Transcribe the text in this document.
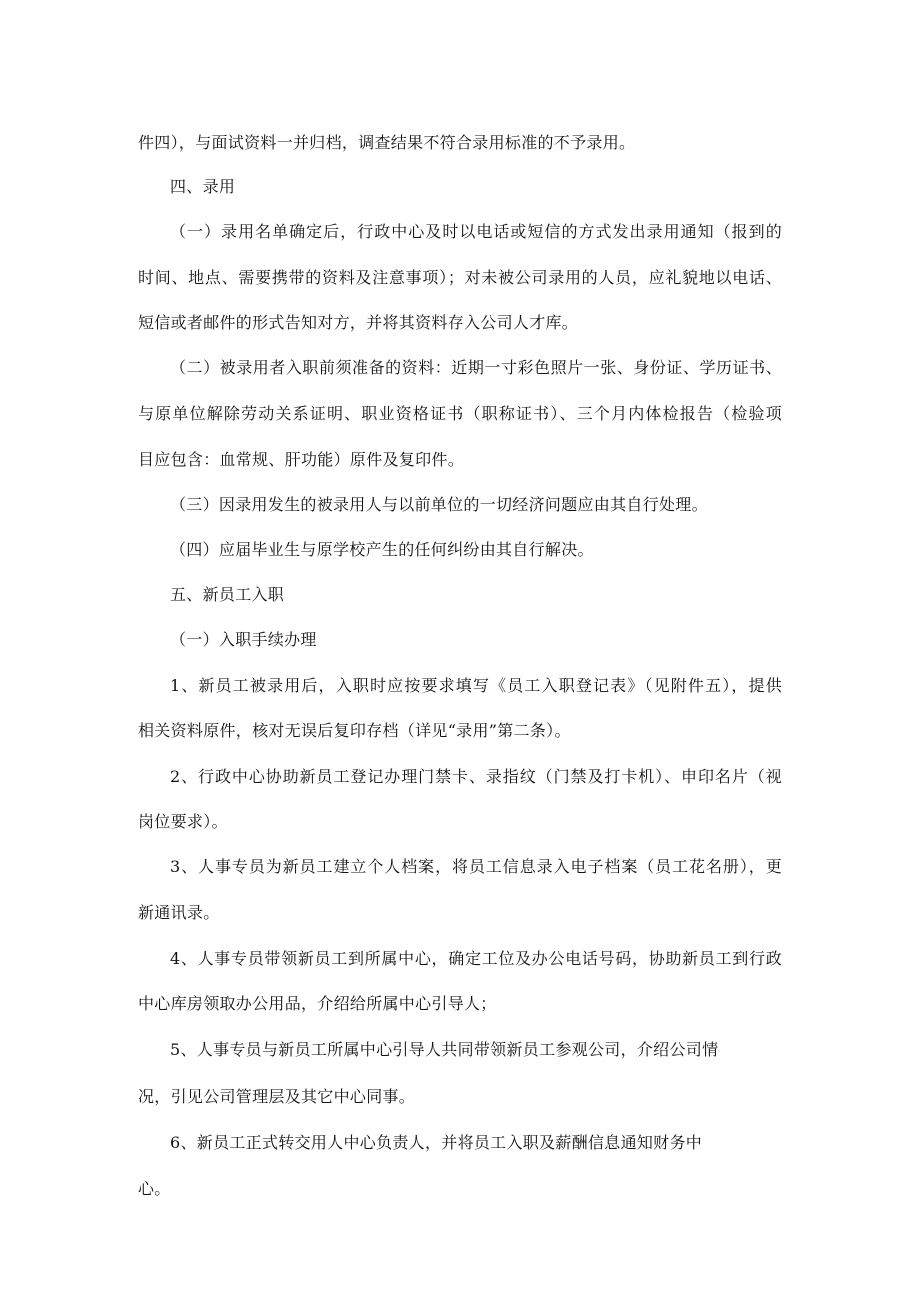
件四），与面试资料一并归档，调查结果不符合录用标准的不予录用。
四、录用
（一）录用名单确定后，行政中心及时以电话或短信的方式发出录用通知（报到的
时间、地点、需要携带的资料及注意事项）；对未被公司录用的人员，应礼貌地以电话、
短信或者邮件的形式告知对方，并将其资料存入公司人才库。
（二）被录用者入职前须准备的资料：近期一寸彩色照片一张、身份证、学历证书、
与原单位解除劳动关系证明、职业资格证书（职称证书）、三个月内体检报告（检验项
目应包含：血常规、肝功能）原件及复印件。
（三）因录用发生的被录用人与以前单位的一切经济问题应由其自行处理。
（四）应届毕业生与原学校产生的任何纠纷由其自行解决。
五、新员工入职
（一）入职手续办理
1、新员工被录用后，入职时应按要求填写《员工入职登记表》（见附件五），提供
相关资料原件，核对无误后复印存档（详见“录用”第二条）。
2、行政中心协助新员工登记办理门禁卡、录指纹（门禁及打卡机）、申印名片（视
岗位要求）。
3、人事专员为新员工建立个人档案，将员工信息录入电子档案（员工花名册），更
新通讯录。
4、人事专员带领新员工到所属中心，确定工位及办公电话号码，协助新员工到行政
中心库房领取办公用品，介绍给所属中心引导人；
5、人事专员与新员工所属中心引导人共同带领新员工参观公司，介绍公司情
况，引见公司管理层及其它中心同事。
6、新员工正式转交用人中心负责人，并将员工入职及薪酬信息通知财务中
心。
